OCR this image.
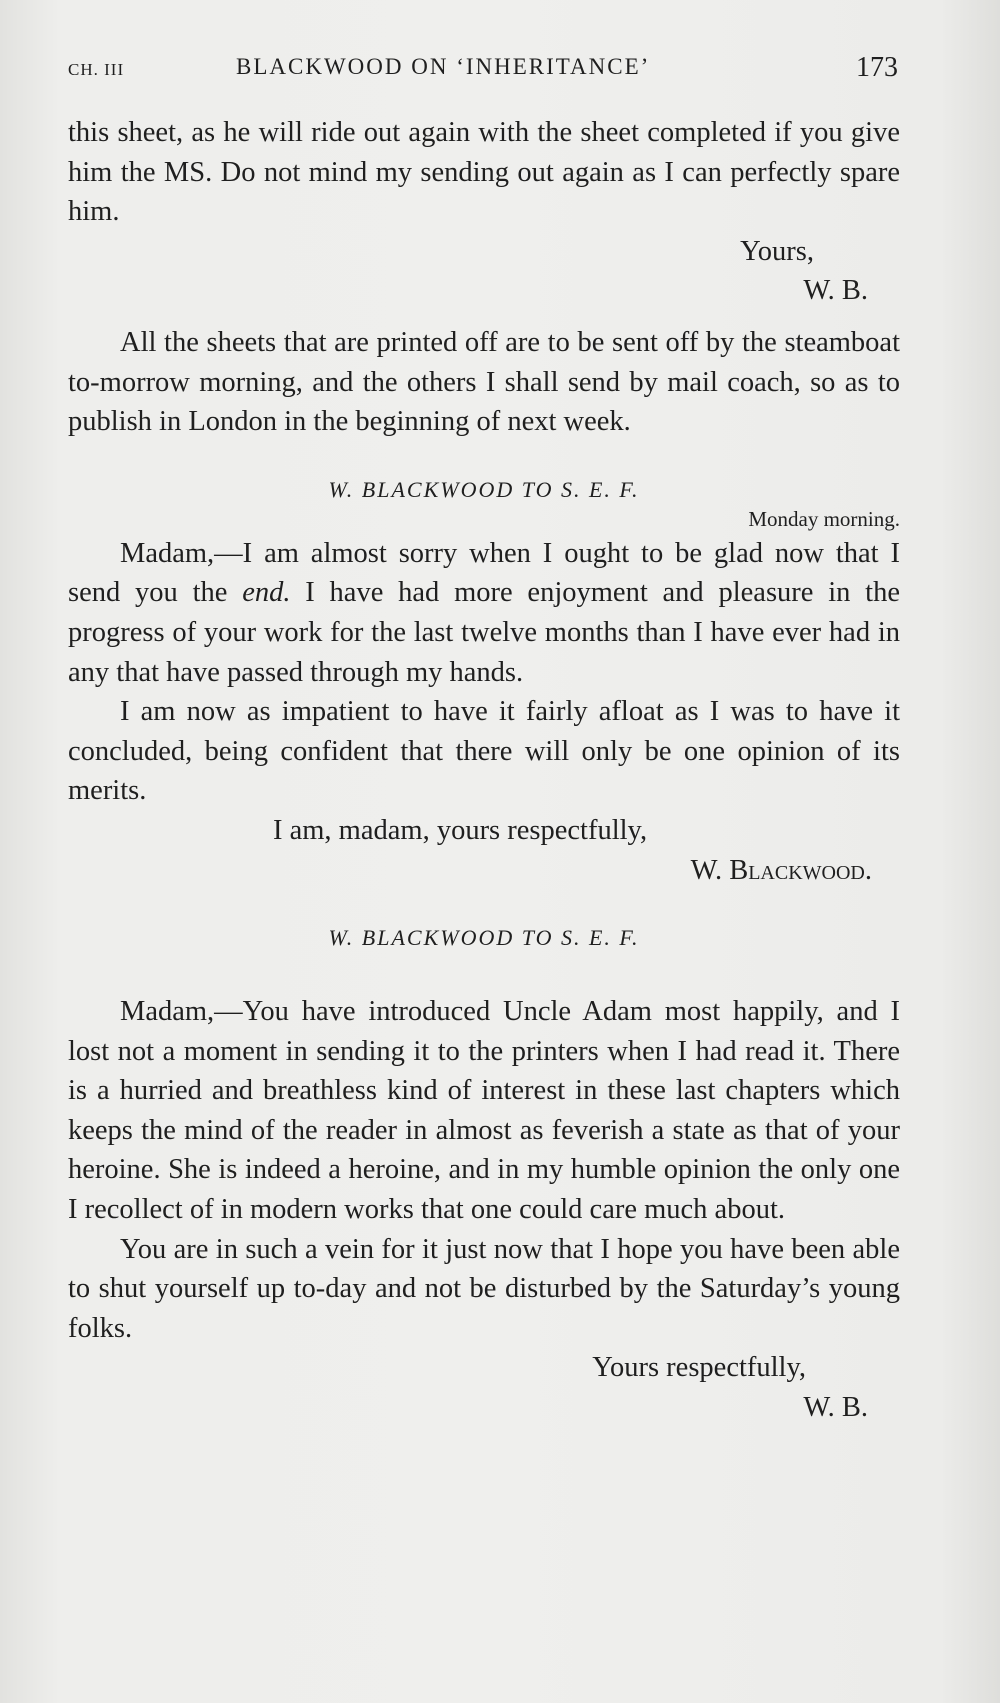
CH. III	BLACKWOOD ON ‘INHERITANCE’	173

this sheet, as he will ride out again with the sheet completed if you give him the MS. Do not mind my sending out again as I can perfectly spare him.

Yours,

W. B.

All the sheets that are printed off are to be sent off by the steamboat to-morrow morning, and the others I shall send by mail coach, so as to publish in London in the beginning of next week.

W. BLACKWOOD TO S. E. F.

Monday morning.

Madam,—I am almost sorry when I ought to be glad now that I send you the end. I have had more enjoyment and pleasure in the progress of your work for the last twelve months than I have ever had in any that have passed through my hands.

I am now as impatient to have it fairly afloat as I was to have it concluded, being confident that there will only be one opinion of its merits.

I am, madam, yours respectfully,

W. Blackwood.

W. BLACKWOOD TO S. E. F.

Madam,—You have introduced Uncle Adam most happily, and I lost not a moment in sending it to the printers when I had read it. There is a hurried and breathless kind of interest in these last chapters which keeps the mind of the reader in almost as feverish a state as that of your heroine. She is indeed a heroine, and in my humble opinion the only one I recollect of in modern works that one could care much about.

You are in such a vein for it just now that I hope you have been able to shut yourself up to-day and not be disturbed by the Saturday’s young folks.

Yours respectfully,

W. B.
